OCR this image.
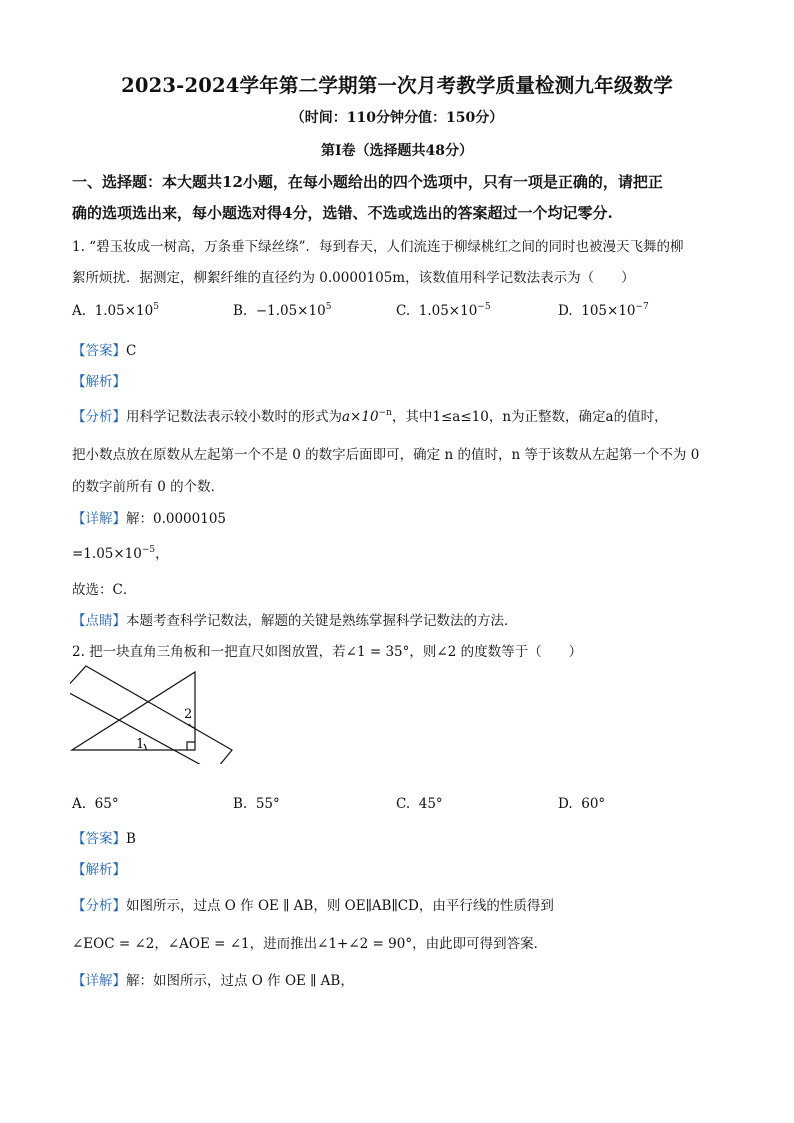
2023-2024学年第二学期第一次月考教学质量检测九年级数学
（时间：110分钟分值：150分）
第I卷（选择题共48分）
一、选择题：本大题共12小题，在每小题给出的四个选项中，只有一项是正确的，请把正
确的选项选出来，每小题选对得4分，选错、不选或选出的答案超过一个均记零分.
1. “碧玉妆成一树高，万条垂下绿丝绦”．每到春天，人们流连于柳绿桃红之间的同时也被漫天飞舞的柳
絮所烦扰．据测定，柳絮纤维的直径约为 0.0000105m，该数值用科学记数法表示为（　　）
A. $1.05\times 10^5$	B. $-1.05\times 10^5$	C. $1.05\times 10^{-5}$	D. $105\times 10^{-7}$
【答案】C
【解析】
【分析】用科学记数法表示较小数时的形式为$a\times 10^{-n}$，其中1≤a≤10，n为正整数，确定a的值时，
把小数点放在原数从左起第一个不是 0 的数字后面即可，确定 n 的值时，n 等于该数从左起第一个不为 0
的数字前所有 0 的个数．
【详解】解：0.0000105
$=1.05\times 10^{-5}$，
故选：C．
【点睛】本题考查科学记数法，解题的关键是熟练掌握科学记数法的方法．
2. 把一块直角三角板和一把直尺如图放置，若∠1 = 35°，则∠2 的度数等于（　　）
1
2
A. 65°	B. 55°	C. 45°	D. 60°
【答案】B
【解析】
【分析】如图所示，过点 O 作 OE ∥ AB，则 OE∥AB∥CD，由平行线的性质得到
∠EOC = ∠2，∠AOE = ∠1，进而推出∠1+∠2 = 90°，由此即可得到答案．
【详解】解：如图所示，过点 O 作 OE ∥ AB，
